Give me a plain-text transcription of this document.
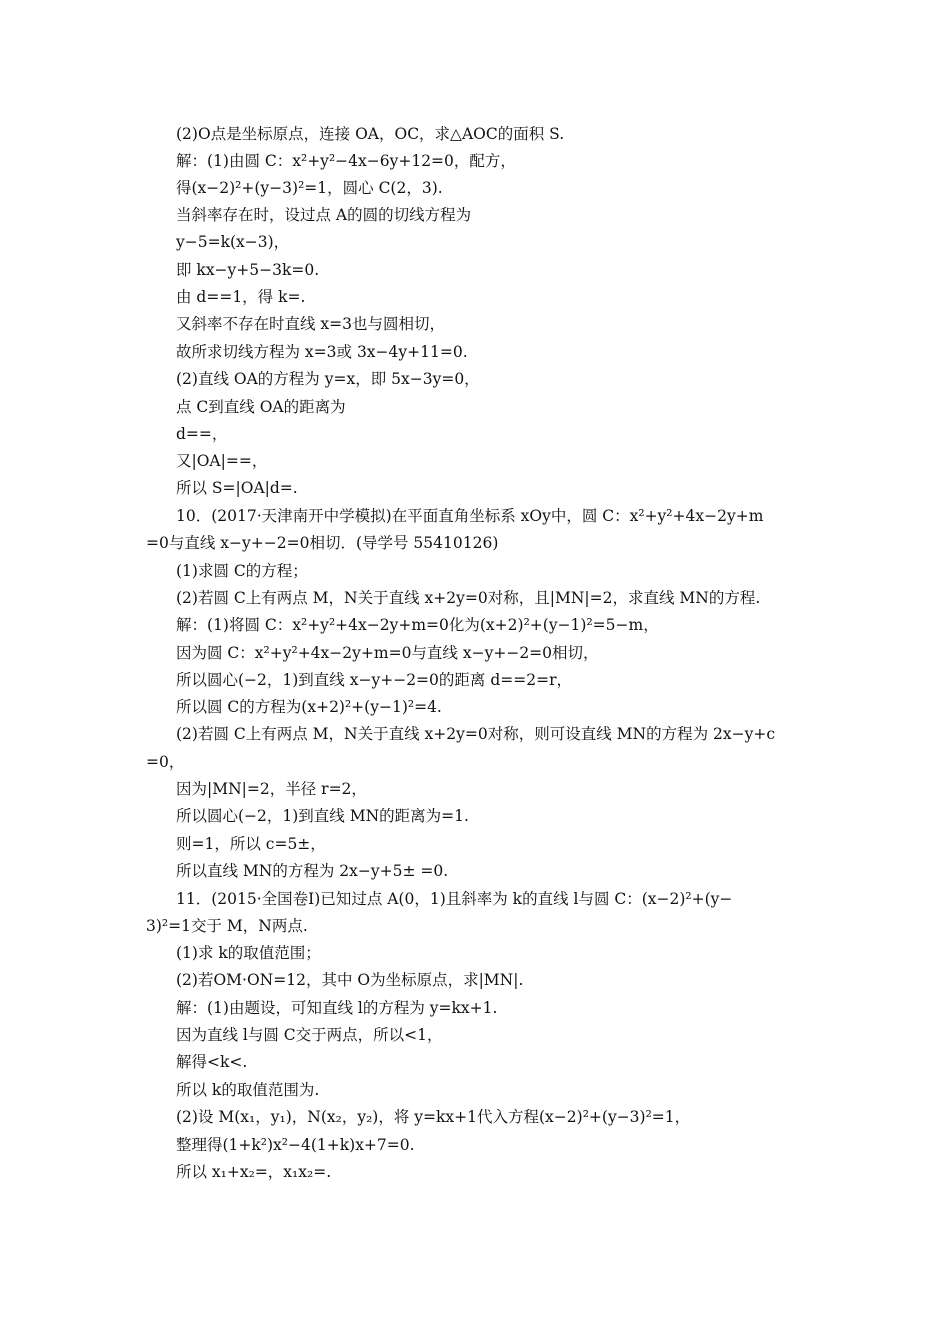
(2)O点是坐标原点，连接 OA，OC，求△AOC的面积 S.
解：(1)由圆 C：x²+y²−4x−6y+12=0，配方，
得(x−2)²+(y−3)²=1，圆心 C(2，3).
当斜率存在时，设过点 A的圆的切线方程为
y−5=k(x−3)，
即 kx−y+5−3k=0.
由 d==1，得 k=.
又斜率不存在时直线 x=3也与圆相切，
故所求切线方程为 x=3或 3x−4y+11=0.
(2)直线 OA的方程为 y=x，即 5x−3y=0，
点 C到直线 OA的距离为
d==，
又|OA|==，
所以 S=|OA|d=.
10．(2017·天津南开中学模拟)在平面直角坐标系 xOy中，圆 C：x²+y²+4x−2y+m
=0与直线 x−y+−2=0相切．(导学号 55410126)
(1)求圆 C的方程；
(2)若圆 C上有两点 M，N关于直线 x+2y=0对称，且|MN|=2，求直线 MN的方程.
解：(1)将圆 C：x²+y²+4x−2y+m=0化为(x+2)²+(y−1)²=5−m，
因为圆 C：x²+y²+4x−2y+m=0与直线 x−y+−2=0相切，
所以圆心(−2，1)到直线 x−y+−2=0的距离 d==2=r，
所以圆 C的方程为(x+2)²+(y−1)²=4.
(2)若圆 C上有两点 M，N关于直线 x+2y=0对称，则可设直线 MN的方程为 2x−y+c
=0，
因为|MN|=2，半径 r=2，
所以圆心(−2，1)到直线 MN的距离为=1.
则=1，所以 c=5±，
所以直线 MN的方程为 2x−y+5± =0.
11．(2015·全国卷Ⅰ)已知过点 A(0，1)且斜率为 k的直线 l与圆 C：(x−2)²+(y−
3)²=1交于 M，N两点.
(1)求 k的取值范围；
(2)若OM·ON=12，其中 O为坐标原点，求|MN|.
解：(1)由题设，可知直线 l的方程为 y=kx+1.
因为直线 l与圆 C交于两点，所以<1，
解得<k<.
所以 k的取值范围为.
(2)设 M(x₁，y₁)，N(x₂，y₂)，将 y=kx+1代入方程(x−2)²+(y−3)²=1，
整理得(1+k²)x²−4(1+k)x+7=0.
所以 x₁+x₂=，x₁x₂=.
